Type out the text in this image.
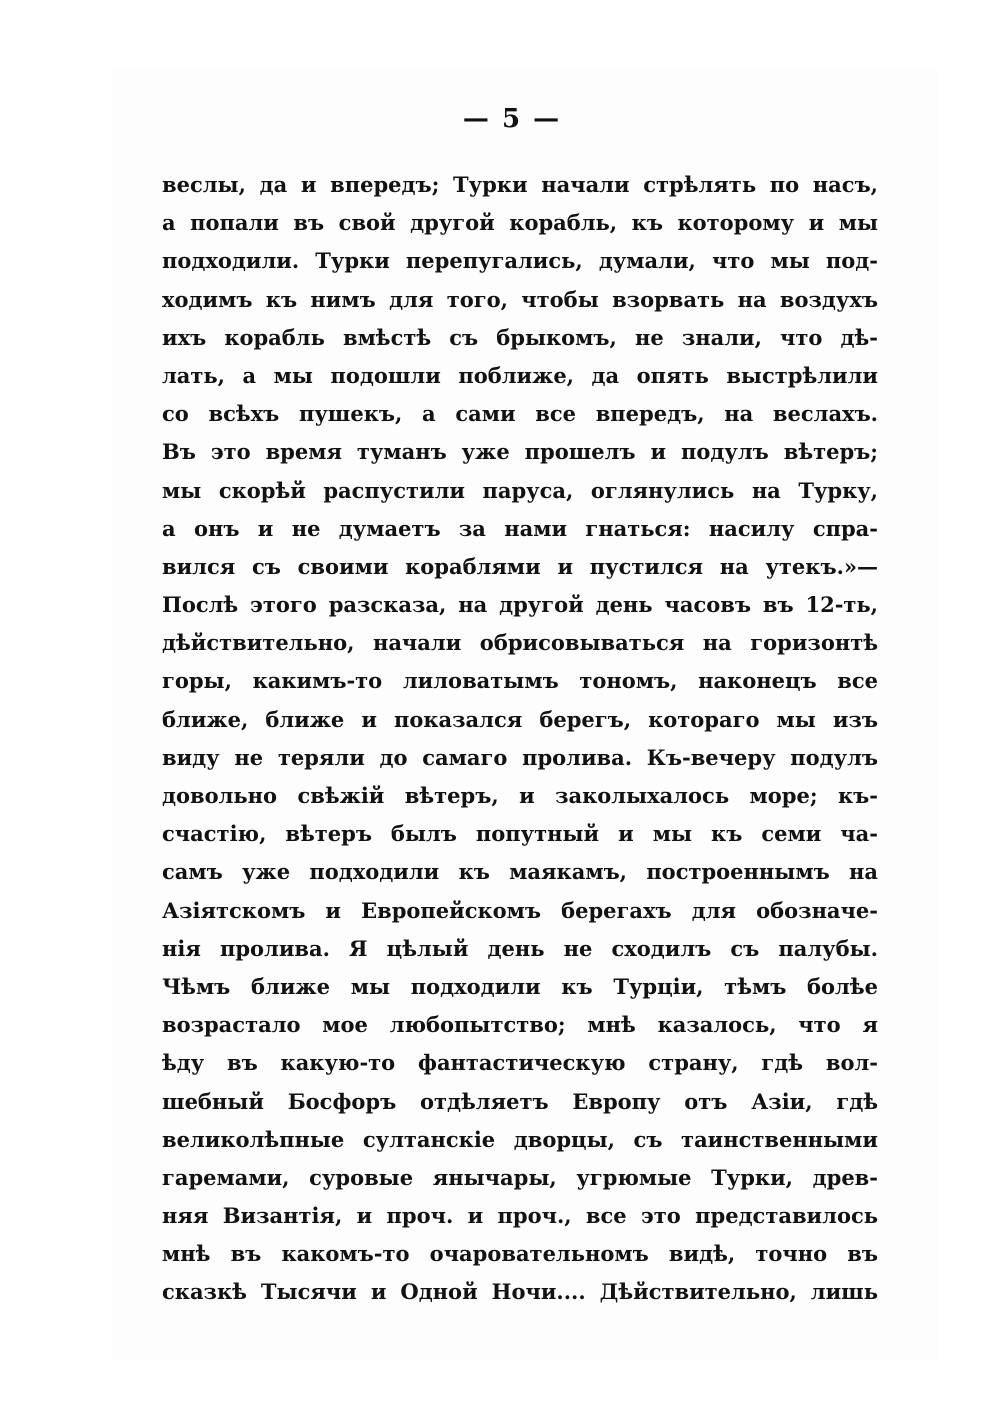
— 5 —
веслы, да и впередъ; Турки начали стрѣлять по насъ,
а попали въ свой другой корабль, къ которому и мы
подходили. Турки перепугались, думали, что мы под-
ходимъ къ нимъ для того, чтобы взорвать на воздухъ
ихъ корабль вмѣстѣ съ брыкомъ, не знали, что дѣ-
лать, а мы подошли поближе, да опять выстрѣлили
со всѣхъ пушекъ, а сами все впередъ, на веслахъ.
Въ это время туманъ уже прошелъ и подулъ вѣтеръ;
мы скорѣй распустили паруса, оглянулись на Турку,
а онъ и не думаетъ за нами гнаться: насилу спра-
вился съ своими кораблями и пустился на утекъ.»—
Послѣ этого разсказа, на другой день часовъ въ 12-ть,
дѣйствительно, начали обрисовываться на горизонтѣ
горы, какимъ-то лиловатымъ тономъ, наконецъ все
ближе, ближе и показался берегъ, котораго мы изъ
виду не теряли до самаго пролива. Къ-вечеру подулъ
довольно свѣжій вѣтеръ, и заколыхалось море; къ-
счастію, вѣтеръ былъ попутный и мы къ семи ча-
самъ уже подходили къ маякамъ, построеннымъ на
Азіятскомъ и Европейскомъ берегахъ для обозначе-
нія пролива. Я цѣлый день не сходилъ съ палубы.
Чѣмъ ближе мы подходили къ Турціи, тѣмъ болѣе
возрастало мое любопытство; мнѣ казалось, что я
ѣду въ какую-то фантастическую страну, гдѣ вол-
шебный Босфоръ отдѣляетъ Европу отъ Азіи, гдѣ
великолѣпные султанскіе дворцы, съ таинственными
гаремами, суровые янычары, угрюмые Турки, древ-
няя Византія, и проч. и проч., все это представилось
мнѣ въ какомъ-то очаровательномъ видѣ, точно въ
сказкѣ Тысячи и Одной Ночи.... Дѣйствительно, лишь
